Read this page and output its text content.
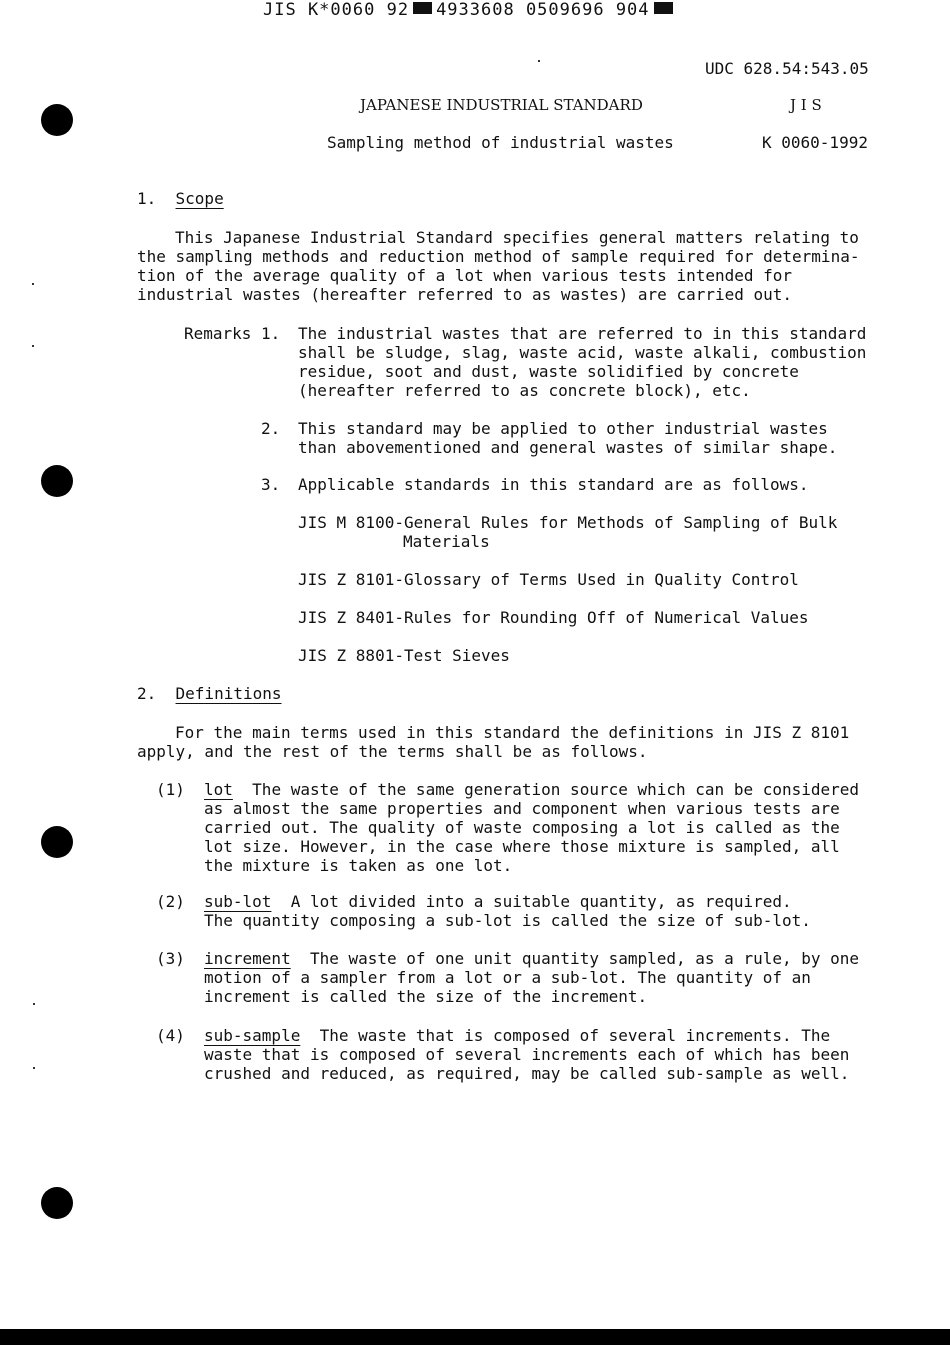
JIS K*0060 92 4933608 0509696 904
UDC 628.54:543.05
JAPANESE INDUSTRIAL STANDARD	J I S
Sampling method of industrial wastes	K 0060-1992
1. Scope
This Japanese Industrial Standard specifies general matters relating to
the sampling methods and reduction method of sample required for determina-
tion of the average quality of a lot when various tests intended for
industrial wastes (hereafter referred to as wastes) are carried out.
Remarks 1. The industrial wastes that are referred to in this standard
shall be sludge, slag, waste acid, waste alkali, combustion
residue, soot and dust, waste solidified by concrete
(hereafter referred to as concrete block), etc.
2. This standard may be applied to other industrial wastes
than abovementioned and general wastes of similar shape.
3. Applicable standards in this standard are as follows.
JIS M 8100-General Rules for Methods of Sampling of Bulk
Materials
JIS Z 8101-Glossary of Terms Used in Quality Control
JIS Z 8401-Rules for Rounding Off of Numerical Values
JIS Z 8801-Test Sieves
2. Definitions
For the main terms used in this standard the definitions in JIS Z 8101
apply, and the rest of the terms shall be as follows.
(1) lot The waste of the same generation source which can be considered
as almost the same properties and component when various tests are
carried out. The quality of waste composing a lot is called as the
lot size. However, in the case where those mixture is sampled, all
the mixture is taken as one lot.
(2) sub-lot A lot divided into a suitable quantity, as required.
The quantity composing a sub-lot is called the size of sub-lot.
(3) increment The waste of one unit quantity sampled, as a rule, by one
motion of a sampler from a lot or a sub-lot. The quantity of an
increment is called the size of the increment.
(4) sub-sample The waste that is composed of several increments. The
waste that is composed of several increments each of which has been
crushed and reduced, as required, may be called sub-sample as well.
